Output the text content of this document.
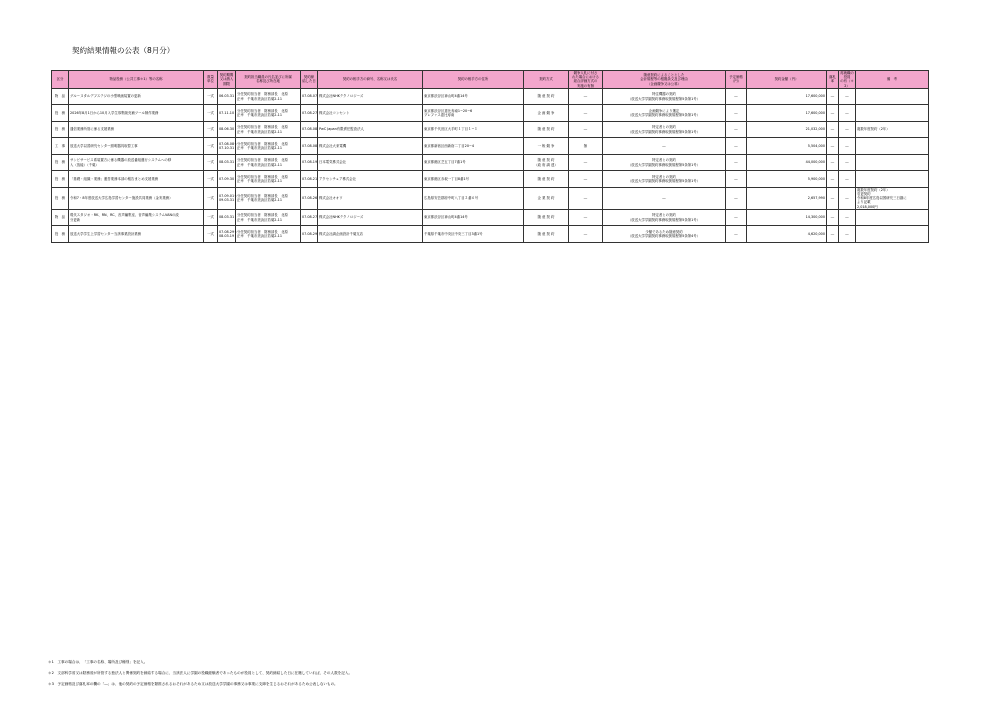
契約結果情報の公表（8月分）
区分	物品役務（公共工事＊1）等の名称	数量
単位	契約期間
又は納入
期限	契約担当職員の氏名並びに所属
名称及び所在地	契約締
結した日	契約の相手方の商号、名称又は氏名	契約の相手方の住所	契約方式	競争入札に付さ
れた場合における
総合評価方式の
実施の有無	随意契約によることとした
会計規程等の根拠条文及び理由
（企画競争又は公募）	予定価格
（円）	契約金額（円）	落札率	再就職の役員
の有（＊2）	備　考
物　品	グルーヌタルデフステジの小型映画装置の更新	一式	06.03.31	分任契約担当者　財務部長　北原
正幸　千葉市美浜区若葉2-11	07.08.07	株式会社NHKテクノロジーズ	東京都渋谷区神山町4番14号	随 意 契 約	―	特注機器の契約
（放送大学学園契約事務取扱規程第5条第1号）	―	17,600,000	―	―	
役　務	2026年8月1日から10月入学生募集販売補ツール制作業務	一式	07.11.10	分任契約担当者　財務部長　北原
正幸　千葉市美浜区若葉2-11	07.08.27	株式会社コンセント	東京都渋谷区恵比寿南1−20−6
プレファス恵比寿南	企 画 競 争	―	企画競争により選定
（放送大学学園契約事務取扱規程第5条第1号）	―	17,600,000	―	―	
役　務	通信業務所管に係る支援業務	一式	08.06.30	分任契約担当者　財務部長　北原
正幸　千葉市美浜区若葉2-11	07.08.08	PwC Japan有限責任監査法人	東京都千代田区大手町１丁目１−１	随 意 契 約	―	特定者との契約
（放送大学学園契約事務取扱規程第5条第1号）	―	21,032,000	―	―	複数年度契約（2年）
工　事	放送大学以習研究センター照明器具取替工事	一式	07.08.08〜
07.10.31	分任契約担当者　財務部長　北原
正幸　千葉市美浜区若葉2-11	07.08.08	株式会社大来電機	東京都新宿区西新宿二丁目20−4	一 般 競 争	無	―	―	5,504,000	―	―	
役　務	サンビサービス系装置方に係る機器の放送番組運行システムへの移
入（放能）（千葉）	一式	08.03.31	分任契約担当者　財務部長　北原
正幸　千葉市美浜区若葉2-11	07.08.19	日本電気株式会社	東京都港区芝五丁目7番1号	随 意 契 約
（政 府 調 達）	―	特定者との契約
（放送大学学園契約事務取扱規程第5条第1号）	―	44,000,000	―	―	
役　務	「基礎・組織・業務」運営業務本部の報告まとめ支援業務	一式	07.09.30	分任契約担当者　財務部長　北原
正幸　千葉市美浜区若葉2-11	07.08.21	アクセンチュア株式会社	東京都港区赤坂一丁目8番1号	随 意 契 約	―	特定者との契約
（放送大学学園契約事務取扱規程第5条第1号）	―	5,900,000	―	―	
役　務	令和7・8年度放送大学広島学習センター施設共同業務（金実業務）	一式	07.09.01〜
09.03.31	分任契約担当者　財務部長　北原
正幸　千葉市美浜区若葉2-11	07.08.26	株式会社オオワ	広島県安芸郡府中町八丁目２番６号	企 業 契 約	―	―	―	2,657,990	―	―	複数年度契約（2年）
変更契約
令和8年度広島以図研究三日割に
より記載
2,018,000円
物　品	現代スタジオ・RK、RN、RC、音声編集室、音声編集システムVANの改
分更新	一式	08.03.31	分任契約担当者　財務部長　北原
正幸　千葉市美浜区若葉2-11	07.08.27	株式会社NHKテクノロジーズ	東京都渋谷区神山町4番14号	随 意 契 約	―	特定者との契約
（放送大学学園契約事務取扱規程第5条第1号）	―	14,300,000	―	―	
役　務	放送大学学生上学習センター当該事業設計業務	一式	07.08.29〜
08.03.19	分任契約担当者　財務部長　北原
正幸　千葉市美浜区若葉2-11	07.08.29	株式会社調企画設計千葉支店	千葉県千葉市中央区中央三丁目3番1号	随 意 契 約	―	少額であるため随意契約
（放送大学学園契約事務取扱規程第5条第4号）	―	4,620,000	―	―	
＊1　工事の場合は、「工事の名称、場所及び種別」を記入。
＊2　文部科学省又は財務省が所管する独法人と関係契約を締結する場合に、当該法人に学園の役職経験者であったものが役員として、契約締結した日に在籍していれば、その人数を記入。
＊3　予定価格及び落札率の欄の「―」は、他の契約の予定価格を類推されるおそれがあるため又は放送大学学園の事務又は事業に支障を生じるおそれがあるため公表しないもの。
